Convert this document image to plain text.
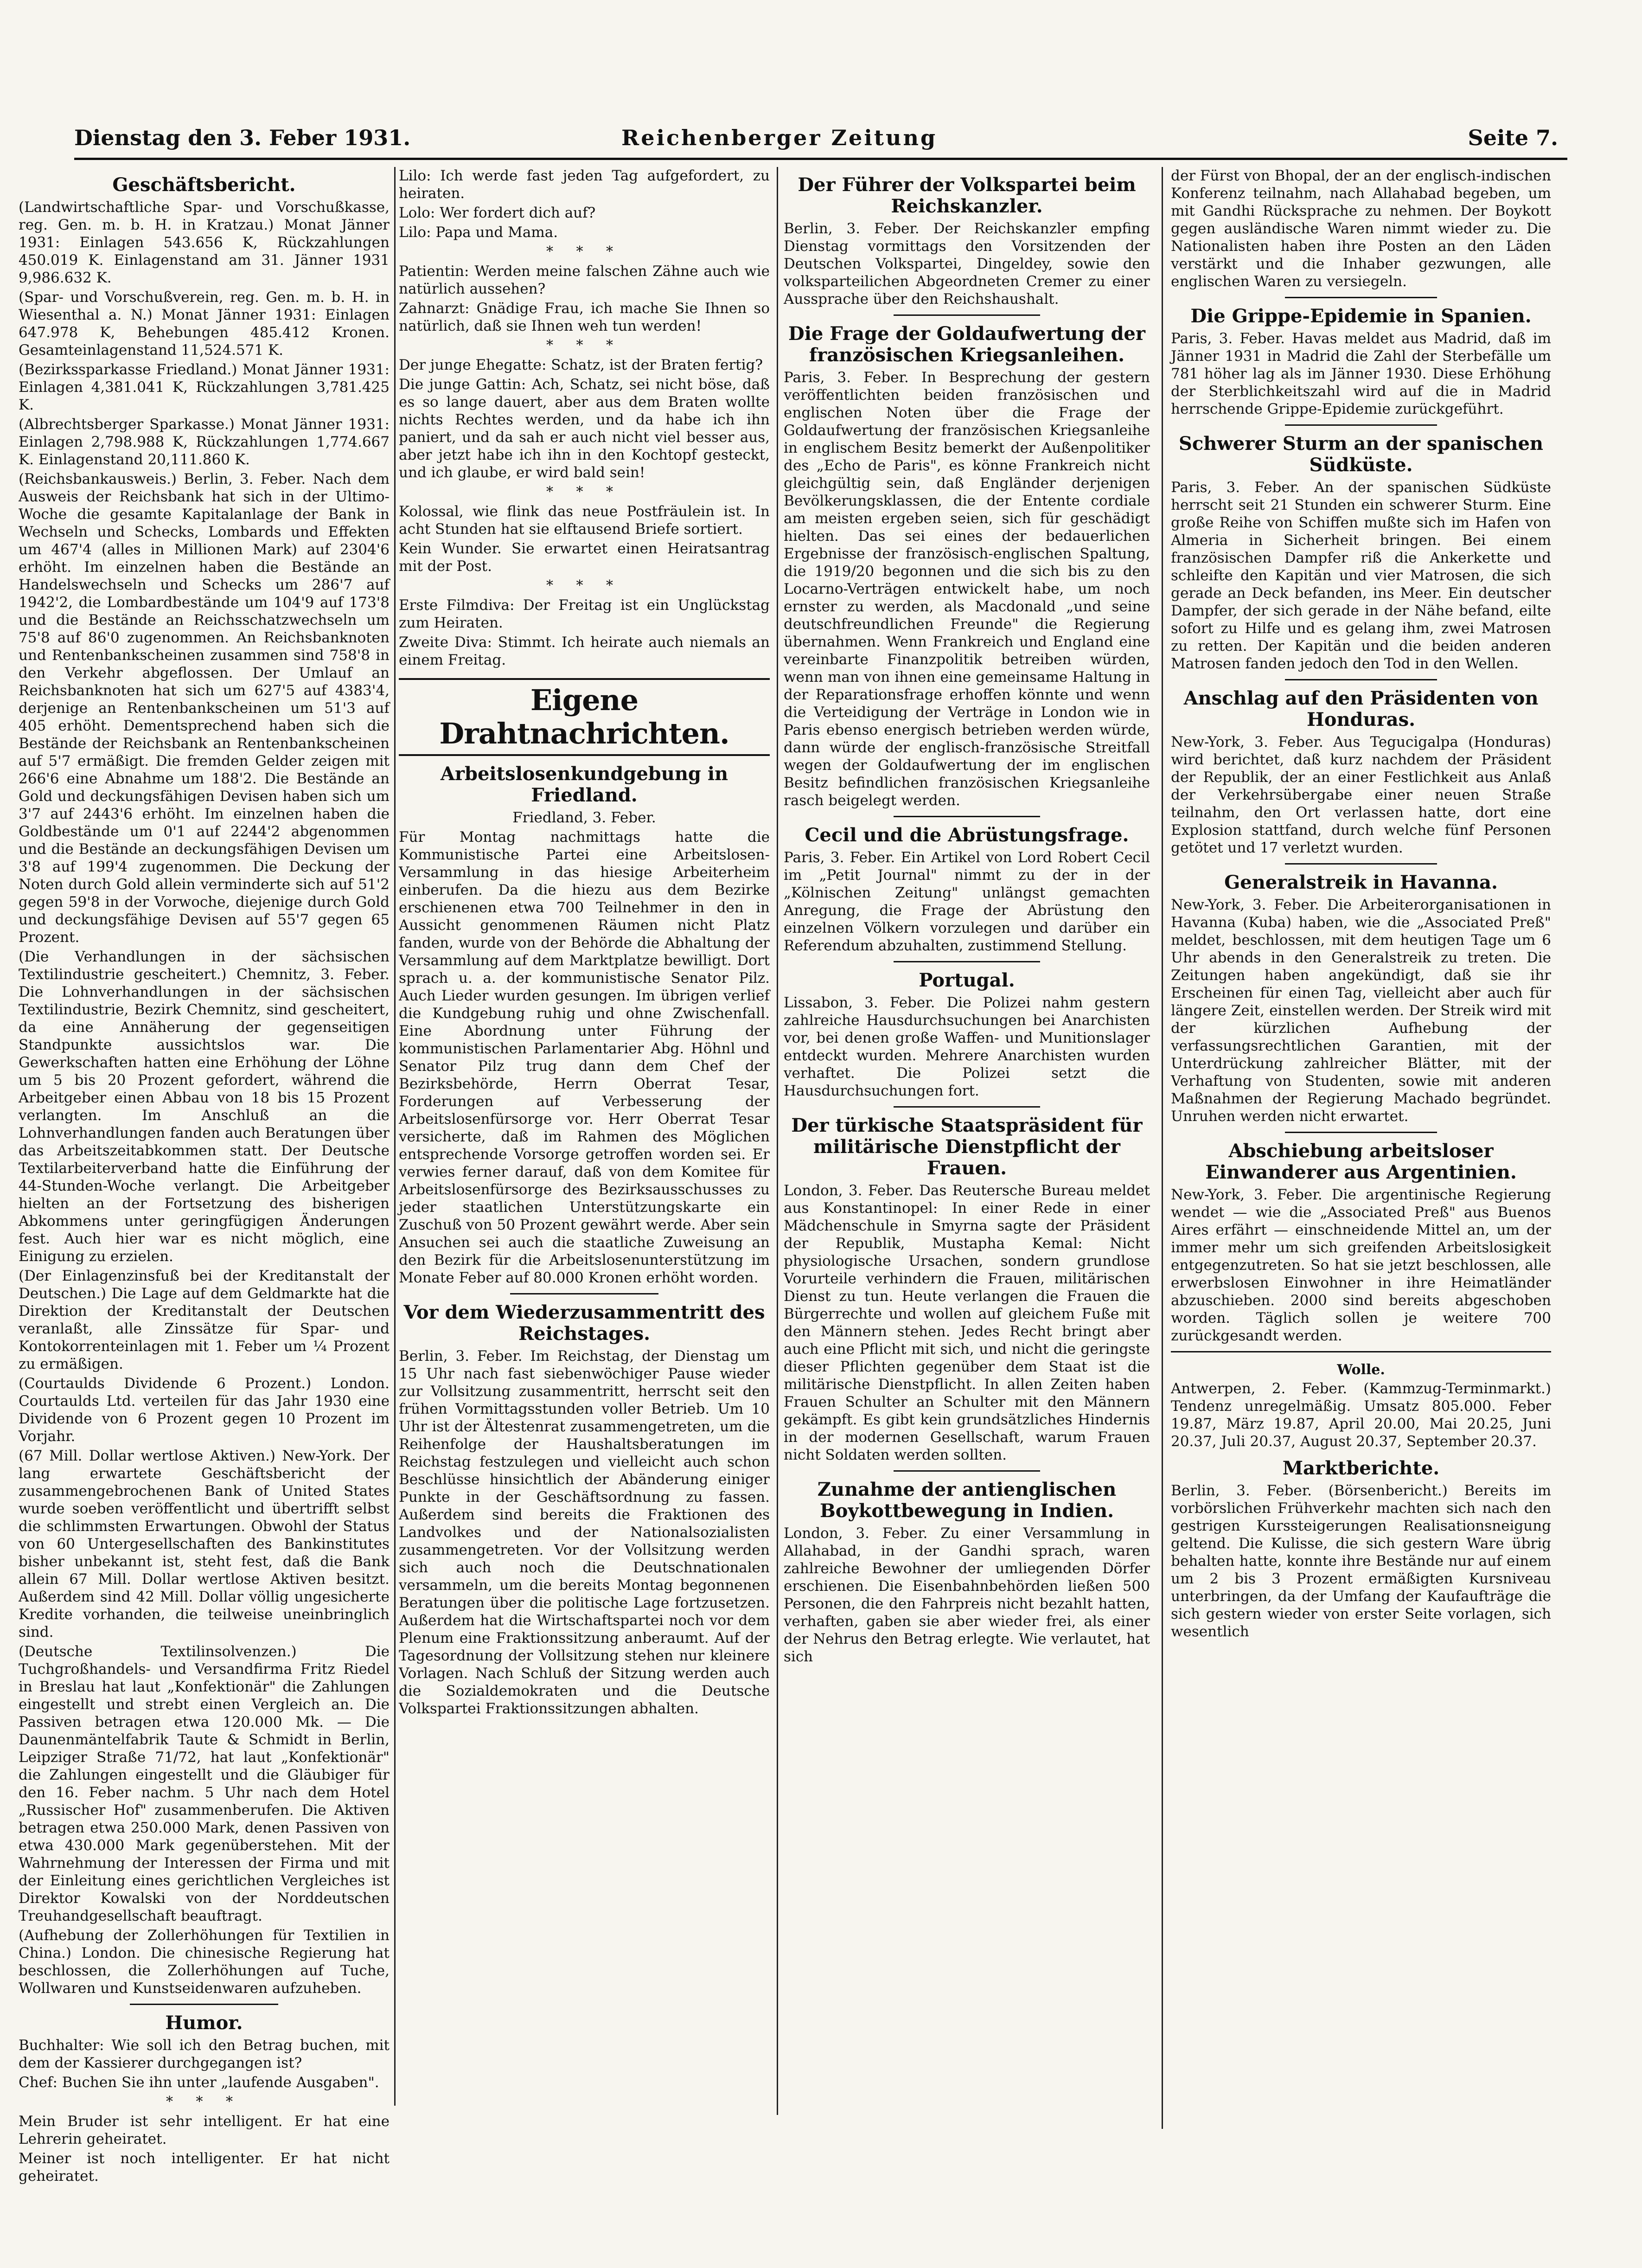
Dienstag den 3. Feber 1931.	Reichenberger Zeitung	Seite 7.
Geschäftsbericht.

(Landwirtschaftliche Spar- und Vorschußkasse, reg. Gen. m. b. H. in Kratzau.) Monat Jänner 1931: Einlagen 543.656 K, Rückzahlungen 450.019 K. Einlagenstand am 31. Jänner 1931 9,986.632 K.

(Spar- und Vorschußverein, reg. Gen. m. b. H. in Wiesenthal a. N.) Monat Jänner 1931: Einlagen 647.978 K, Behebungen 485.412 Kronen. Gesamteinlagenstand 11,524.571 K.

(Bezirkssparkasse Friedland.) Monat Jänner 1931: Einlagen 4,381.041 K, Rückzahlungen 3,781.425 K.

(Albrechtsberger Sparkasse.) Monat Jänner 1931: Einlagen 2,798.988 K, Rückzahlungen 1,774.667 K. Einlagenstand 20,111.860 K.

(Reichsbankausweis.) Berlin, 3. Feber. Nach dem Ausweis der Reichsbank hat sich in der Ultimo-Woche die gesamte Kapitalanlage der Bank in Wechseln und Schecks, Lombards und Effekten um 467'4 (alles in Millionen Mark) auf 2304'6 erhöht. Im einzelnen haben die Bestände an Handelswechseln und Schecks um 286'7 auf 1942'2, die Lombardbestände um 104'9 auf 173'8 und die Bestände an Reichsschatzwechseln um 75'8 auf 86'0 zugenommen. An Reichsbanknoten und Rentenbankscheinen zusammen sind 758'8 in den Verkehr abgeflossen. Der Umlauf an Reichsbanknoten hat sich um 627'5 auf 4383'4, derjenige an Rentenbankscheinen um 51'3 auf 405 erhöht. Dementsprechend haben sich die Bestände der Reichsbank an Rentenbankscheinen auf 5'7 ermäßigt. Die fremden Gelder zeigen mit 266'6 eine Abnahme um 188'2. Die Bestände an Gold und deckungsfähigen Devisen haben sich um 3'7 auf 2443'6 erhöht. Im einzelnen haben die Goldbestände um 0'1 auf 2244'2 abgenommen und die Bestände an deckungsfähigen Devisen um 3'8 auf 199'4 zugenommen. Die Deckung der Noten durch Gold allein verminderte sich auf 51'2 gegen 59'8 in der Vorwoche, diejenige durch Gold und deckungsfähige Devisen auf 55'7 gegen 65 Prozent.

(Die Verhandlungen in der sächsischen Textilindustrie gescheitert.) Chemnitz, 3. Feber. Die Lohnverhandlungen in der sächsischen Textilindustrie, Bezirk Chemnitz, sind gescheitert, da eine Annäherung der gegenseitigen Standpunkte aussichtslos war. Die Gewerkschaften hatten eine Erhöhung der Löhne um 5 bis 20 Prozent gefordert, während die Arbeitgeber einen Abbau von 18 bis 15 Prozent verlangten. Im Anschluß an die Lohnverhandlungen fanden auch Beratungen über das Arbeitszeitabkommen statt. Der Deutsche Textilarbeiterverband hatte die Einführung der 44-Stunden-Woche verlangt. Die Arbeitgeber hielten an der Fortsetzung des bisherigen Abkommens unter geringfügigen Änderungen fest. Auch hier war es nicht möglich, eine Einigung zu erzielen.

(Der Einlagenzinsfuß bei der Kreditanstalt der Deutschen.) Die Lage auf dem Geldmarkte hat die Direktion der Kreditanstalt der Deutschen veranlaßt, alle Zinssätze für Spar- und Kontokorrenteinlagen mit 1. Feber um ¼ Prozent zu ermäßigen.

(Courtaulds Dividende 6 Prozent.) London. Courtaulds Ltd. verteilen für das Jahr 1930 eine Dividende von 6 Prozent gegen 10 Prozent im Vorjahr.

(67 Mill. Dollar wertlose Aktiven.) New-York. Der lang erwartete Geschäftsbericht der zusammengebrochenen Bank of United States wurde soeben veröffentlicht und übertrifft selbst die schlimmsten Erwartungen. Obwohl der Status von 60 Untergesellschaften des Bankinstitutes bisher unbekannt ist, steht fest, daß die Bank allein 67 Mill. Dollar wertlose Aktiven besitzt. Außerdem sind 42 Mill. Dollar völlig ungesicherte Kredite vorhanden, die teilweise uneinbringlich sind.

(Deutsche Textilinsolvenzen.) Die Tuchgroßhandels- und Versandfirma Fritz Riedel in Breslau hat laut „Konfektionär" die Zahlungen eingestellt und strebt einen Vergleich an. Die Passiven betragen etwa 120.000 Mk. — Die Daunenmäntelfabrik Taute & Schmidt in Berlin, Leipziger Straße 71/72, hat laut „Konfektionär" die Zahlungen eingestellt und die Gläubiger für den 16. Feber nachm. 5 Uhr nach dem Hotel „Russischer Hof" zusammenberufen. Die Aktiven betragen etwa 250.000 Mark, denen Passiven von etwa 430.000 Mark gegenüberstehen. Mit der Wahrnehmung der Interessen der Firma und mit der Einleitung eines gerichtlichen Vergleiches ist Direktor Kowalski von der Norddeutschen Treuhandgesellschaft beauftragt.

(Aufhebung der Zollerhöhungen für Textilien in China.) London. Die chinesische Regierung hat beschlossen, die Zollerhöhungen auf Tuche, Wollwaren und Kunstseidenwaren aufzuheben.

Humor.

Buchhalter: Wie soll ich den Betrag buchen, mit dem der Kassierer durchgegangen ist?

Chef: Buchen Sie ihn unter „laufende Ausgaben".

* * *

Mein Bruder ist sehr intelligent. Er hat eine Lehrerin geheiratet.

Meiner ist noch intelligenter. Er hat nicht geheiratet.

Lilo: Ich werde fast jeden Tag aufgefordert, zu heiraten.

Lolo: Wer fordert dich auf?

Lilo: Papa und Mama.

* * *

Patientin: Werden meine falschen Zähne auch wie natürlich aussehen?

Zahnarzt: Gnädige Frau, ich mache Sie Ihnen so natürlich, daß sie Ihnen weh tun werden!

* * *

Der junge Ehegatte: Schatz, ist der Braten fertig?

Die junge Gattin: Ach, Schatz, sei nicht böse, daß es so lange dauert, aber aus dem Braten wollte nichts Rechtes werden, und da habe ich ihn paniert, und da sah er auch nicht viel besser aus, aber jetzt habe ich ihn in den Kochtopf gesteckt, und ich glaube, er wird bald sein!

* * *

Kolossal, wie flink das neue Postfräulein ist. In acht Stunden hat sie elftausend Briefe sortiert.

Kein Wunder. Sie erwartet einen Heiratsantrag mit der Post.

* * *

Erste Filmdiva: Der Freitag ist ein Unglückstag zum Heiraten.

Zweite Diva: Stimmt. Ich heirate auch niemals an einem Freitag.

Eigene Drahtnachrichten.
Arbeitslosenkundgebung in Friedland.

Friedland, 3. Feber.

Für Montag nachmittags hatte die Kommunistische Partei eine Arbeitslosen-Versammlung in das hiesige Arbeiterheim einberufen. Da die hiezu aus dem Bezirke erschienenen etwa 700 Teilnehmer in den in Aussicht genommenen Räumen nicht Platz fanden, wurde von der Behörde die Abhaltung der Versammlung auf dem Marktplatze bewilligt. Dort sprach u. a. der kommunistische Senator Pilz. Auch Lieder wurden gesungen. Im übrigen verlief die Kundgebung ruhig und ohne Zwischenfall. Eine Abordnung unter Führung der kommunistischen Parlamentarier Abg. Höhnl und Senator Pilz trug dann dem Chef der Bezirksbehörde, Herrn Oberrat Tesar, Forderungen auf Verbesserung der Arbeitslosenfürsorge vor. Herr Oberrat Tesar versicherte, daß im Rahmen des Möglichen entsprechende Vorsorge getroffen worden sei. Er verwies ferner darauf, daß von dem Komitee für Arbeitslosenfürsorge des Bezirksausschusses zu jeder staatlichen Unterstützungskarte ein Zuschuß von 50 Prozent gewährt werde. Aber sein Ansuchen sei auch die staatliche Zuweisung an den Bezirk für die Arbeitslosenunterstützung im Monate Feber auf 80.000 Kronen erhöht worden.

Vor dem Wiederzusammentritt des Reichstages.

Berlin, 3. Feber. Im Reichstag, der Dienstag um 15 Uhr nach fast siebenwöchiger Pause wieder zur Vollsitzung zusammentritt, herrscht seit den frühen Vormittagsstunden voller Betrieb. Um 10 Uhr ist der Ältestenrat zusammengetreten, um die Reihenfolge der Haushaltsberatungen im Reichstag festzulegen und vielleicht auch schon Beschlüsse hinsichtlich der Abänderung einiger Punkte in der Geschäftsordnung zu fassen. Außerdem sind bereits die Fraktionen des Landvolkes und der Nationalsozialisten zusammengetreten. Vor der Vollsitzung werden sich auch noch die Deutschnationalen versammeln, um die bereits Montag begonnenen Beratungen über die politische Lage fortzusetzen. Außerdem hat die Wirtschaftspartei noch vor dem Plenum eine Fraktionssitzung anberaumt. Auf der Tagesordnung der Vollsitzung stehen nur kleinere Vorlagen. Nach Schluß der Sitzung werden auch die Sozialdemokraten und die Deutsche Volkspartei Fraktionssitzungen abhalten.

Der Führer der Volkspartei beim Reichskanzler.

Berlin, 3. Feber. Der Reichskanzler empfing Dienstag vormittags den Vorsitzenden der Deutschen Volkspartei, Dingeldey, sowie den volksparteilichen Abgeordneten Cremer zu einer Aussprache über den Reichshaushalt.

Die Frage der Goldaufwertung der französischen Kriegsanleihen.

Paris, 3. Feber. In Besprechung der gestern veröffentlichten beiden französischen und englischen Noten über die Frage der Goldaufwertung der französischen Kriegsanleihe in englischem Besitz bemerkt der Außenpolitiker des „Echo de Paris", es könne Frankreich nicht gleichgültig sein, daß Engländer derjenigen Bevölkerungsklassen, die der Entente cordiale am meisten ergeben seien, sich für geschädigt hielten. Das sei eines der bedauerlichen Ergebnisse der französisch-englischen Spaltung, die 1919/20 begonnen und die sich bis zu den Locarno-Verträgen entwickelt habe, um noch ernster zu werden, als Macdonald „und seine deutschfreundlichen Freunde" die Regierung übernahmen. Wenn Frankreich und England eine vereinbarte Finanzpolitik betreiben würden, wenn man von ihnen eine gemeinsame Haltung in der Reparationsfrage erhoffen könnte und wenn die Verteidigung der Verträge in London wie in Paris ebenso energisch betrieben werden würde, dann würde der englisch-französische Streitfall wegen der Goldaufwertung der im englischen Besitz befindlichen französischen Kriegsanleihe rasch beigelegt werden.

Cecil und die Abrüstungsfrage.

Paris, 3. Feber. Ein Artikel von Lord Robert Cecil im „Petit Journal" nimmt zu der in der „Kölnischen Zeitung" unlängst gemachten Anregung, die Frage der Abrüstung den einzelnen Völkern vorzulegen und darüber ein Referendum abzuhalten, zustimmend Stellung.

Portugal.

Lissabon, 3. Feber. Die Polizei nahm gestern zahlreiche Hausdurchsuchungen bei Anarchisten vor, bei denen große Waffen- und Munitionslager entdeckt wurden. Mehrere Anarchisten wurden verhaftet. Die Polizei setzt die Hausdurchsuchungen fort.

Der türkische Staatspräsident für militärische Dienstpflicht der Frauen.

London, 3. Feber. Das Reutersche Bureau meldet aus Konstantinopel: In einer Rede in einer Mädchenschule in Smyrna sagte der Präsident der Republik, Mustapha Kemal: Nicht physiologische Ursachen, sondern grundlose Vorurteile verhindern die Frauen, militärischen Dienst zu tun. Heute verlangen die Frauen die Bürgerrechte und wollen auf gleichem Fuße mit den Männern stehen. Jedes Recht bringt aber auch eine Pflicht mit sich, und nicht die geringste dieser Pflichten gegenüber dem Staat ist die militärische Dienstpflicht. In allen Zeiten haben Frauen Schulter an Schulter mit den Männern gekämpft. Es gibt kein grundsätzliches Hindernis in der modernen Gesellschaft, warum Frauen nicht Soldaten werden sollten.

Zunahme der antienglischen Boykottbewegung in Indien.

London, 3. Feber. Zu einer Versammlung in Allahabad, in der Gandhi sprach, waren zahlreiche Bewohner der umliegenden Dörfer erschienen. Die Eisenbahnbehörden ließen 500 Personen, die den Fahrpreis nicht bezahlt hatten, verhaften, gaben sie aber wieder frei, als einer der Nehrus den Betrag erlegte. Wie verlautet, hat sich

der Fürst von Bhopal, der an der englisch-indischen Konferenz teilnahm, nach Allahabad begeben, um mit Gandhi Rücksprache zu nehmen. Der Boykott gegen ausländische Waren nimmt wieder zu. Die Nationalisten haben ihre Posten an den Läden verstärkt und die Inhaber gezwungen, alle englischen Waren zu versiegeln.

Die Grippe-Epidemie in Spanien.

Paris, 3. Feber. Havas meldet aus Madrid, daß im Jänner 1931 in Madrid die Zahl der Sterbefälle um 781 höher lag als im Jänner 1930. Diese Erhöhung der Sterblichkeitszahl wird auf die in Madrid herrschende Grippe-Epidemie zurückgeführt.

Schwerer Sturm an der spanischen Südküste.

Paris, 3. Feber. An der spanischen Südküste herrscht seit 21 Stunden ein schwerer Sturm. Eine große Reihe von Schiffen mußte sich im Hafen von Almeria in Sicherheit bringen. Bei einem französischen Dampfer riß die Ankerkette und schleifte den Kapitän und vier Matrosen, die sich gerade an Deck befanden, ins Meer. Ein deutscher Dampfer, der sich gerade in der Nähe befand, eilte sofort zu Hilfe und es gelang ihm, zwei Matrosen zu retten. Der Kapitän und die beiden anderen Matrosen fanden jedoch den Tod in den Wellen.

Anschlag auf den Präsidenten von Honduras.

New-York, 3. Feber. Aus Tegucigalpa (Honduras) wird berichtet, daß kurz nachdem der Präsident der Republik, der an einer Festlichkeit aus Anlaß der Verkehrsübergabe einer neuen Straße teilnahm, den Ort verlassen hatte, dort eine Explosion stattfand, durch welche fünf Personen getötet und 17 verletzt wurden.

Generalstreik in Havanna.

New-York, 3. Feber. Die Arbeiterorganisationen in Havanna (Kuba) haben, wie die „Associated Preß" meldet, beschlossen, mit dem heutigen Tage um 6 Uhr abends in den Generalstreik zu treten. Die Zeitungen haben angekündigt, daß sie ihr Erscheinen für einen Tag, vielleicht aber auch für längere Zeit, einstellen werden. Der Streik wird mit der kürzlichen Aufhebung der verfassungsrechtlichen Garantien, mit der Unterdrückung zahlreicher Blätter, mit der Verhaftung von Studenten, sowie mit anderen Maßnahmen der Regierung Machado begründet. Unruhen werden nicht erwartet.

Abschiebung arbeitsloser Einwanderer aus Argentinien.

New-York, 3. Feber. Die argentinische Regierung wendet — wie die „Associated Preß" aus Buenos Aires erfährt — einschneidende Mittel an, um der immer mehr um sich greifenden Arbeitslosigkeit entgegenzutreten. So hat sie jetzt beschlossen, alle erwerbslosen Einwohner in ihre Heimatländer abzuschieben. 2000 sind bereits abgeschoben worden. Täglich sollen je weitere 700 zurückgesandt werden.

Wolle.

Antwerpen, 2. Feber. (Kammzug-Terminmarkt.) Tendenz unregelmäßig. Umsatz 805.000. Feber 19.87, März 19.87, April 20.00, Mai 20.25, Juni 20.37, Juli 20.37, August 20.37, September 20.37.

Marktberichte.

Berlin, 3. Feber. (Börsenbericht.) Bereits im vorbörslichen Frühverkehr machten sich nach den gestrigen Kurssteigerungen Realisationsneigung geltend. Die Kulisse, die sich gestern Ware übrig behalten hatte, konnte ihre Bestände nur auf einem um 2 bis 3 Prozent ermäßigten Kursniveau unterbringen, da der Umfang der Kaufaufträge die sich gestern wieder von erster Seite vorlagen, sich wesentlich
